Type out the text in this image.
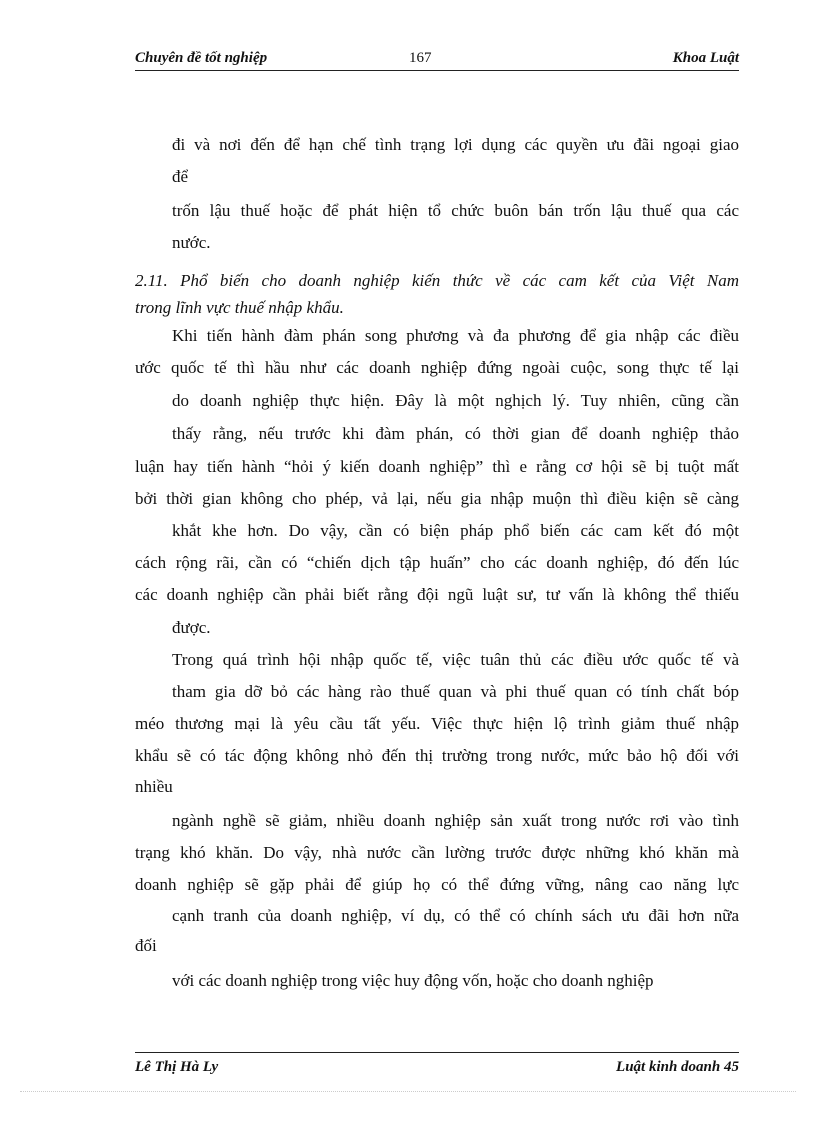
Chuyên đề tốt nghiệp	167	Khoa Luật
đi và nơi đến để hạn chế tình trạng lợi dụng các quyền ưu đãi ngoại giao
để
trốn lậu thuế hoặc để phát hiện tổ chức buôn bán trốn lậu thuế qua các
nước.
2.11. Phổ biến cho doanh nghiệp kiến thức về các cam kết của Việt Nam
trong lĩnh vực thuế nhập khẩu.
Khi tiến hành đàm phán song phương và đa phương để gia nhập các điều
ước quốc tế thì hầu như các doanh nghiệp đứng ngoài cuộc, song thực tế lại
do doanh nghiệp thực hiện. Đây là một nghịch lý. Tuy nhiên, cũng cần
thấy rằng, nếu trước khi đàm phán, có thời gian để doanh nghiệp thảo
luận hay tiến hành “hỏi ý kiến doanh nghiệp” thì e rằng cơ hội sẽ bị tuột mất
bởi thời gian không cho phép, vả lại, nếu gia nhập muộn thì điều kiện sẽ càng
khắt khe hơn. Do vậy, cần có biện pháp phổ biến các cam kết đó một
cách rộng rãi, cần có “chiến dịch tập huấn” cho các doanh nghiệp, đó đến lúc
các doanh nghiệp cần phải biết rằng đội ngũ luật sư, tư vấn là không thể thiếu
được.
Trong quá trình hội nhập quốc tế, việc tuân thủ các điều ước quốc tế và
tham gia dỡ bỏ các hàng rào thuế quan và phi thuế quan có tính chất bóp
méo thương mại là yêu cầu tất yếu. Việc thực hiện lộ trình giảm thuế nhập
khẩu sẽ có tác động không nhỏ đến thị trường trong nước, mức bảo hộ đối với
nhiều
ngành nghề sẽ giảm, nhiều doanh nghiệp sản xuất trong nước rơi vào tình
trạng khó khăn. Do vậy, nhà nước cần lường trước được những khó khăn mà
doanh nghiệp sẽ gặp phải để giúp họ có thể đứng vững, nâng cao năng lực
cạnh tranh của doanh nghiệp, ví dụ, có thể có chính sách ưu đãi hơn nữa
đối
với các doanh nghiệp trong việc huy động vốn, hoặc cho doanh nghiệp
Lê Thị Hà Ly	Luật kinh doanh 45
